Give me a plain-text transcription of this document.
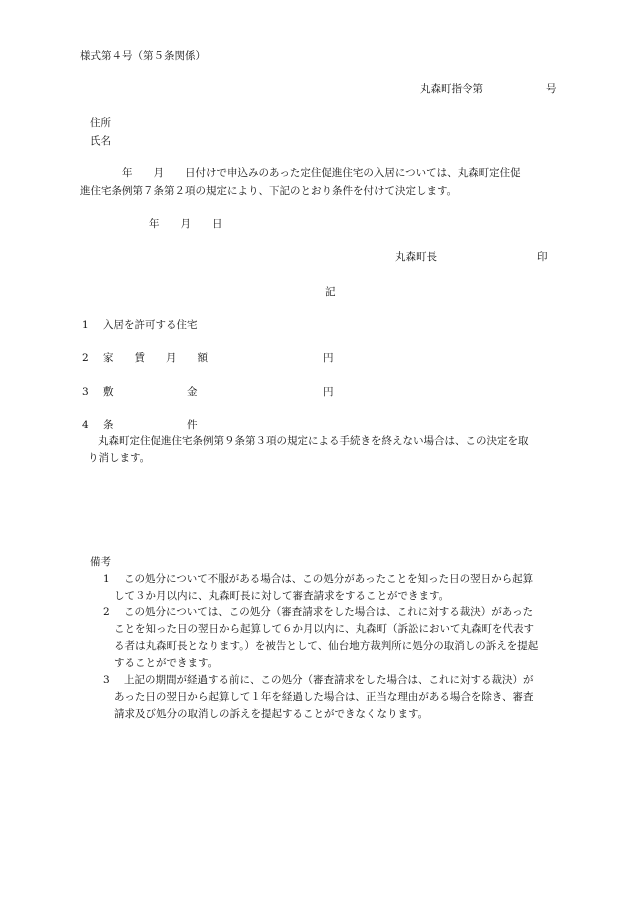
様式第４号（第５条関係）
丸森町指令第　　　　　　号
住所
氏名
　　　　年　　月　　日付けで申込みのあった定住促進住宅の入居については、丸森町定住促
進住宅条例第７条第２項の規定により、下記のとおり条件を付けて決定します。
年　　月　　日
丸森町長	印
記
1 入居を許可する住宅
2 家　　賃　　月　　額	円
3 敷　　　　　　　金	円
4 条　　　　　　　件
丸森町定住促進住宅条例第９条第３項の規定による手続きを終えない場合は、この決定を取
り消します。
備考
1 この処分について不服がある場合は、この処分があったことを知った日の翌日から起算
して３か月以内に、丸森町長に対して審査請求をすることができます。
2 この処分については、この処分（審査請求をした場合は、これに対する裁決）があった
ことを知った日の翌日から起算して６か月以内に、丸森町（訴訟において丸森町を代表す
る者は丸森町長となります。）を被告として、仙台地方裁判所に処分の取消しの訴えを提起
することができます。
3 上記の期間が経過する前に、この処分（審査請求をした場合は、これに対する裁決）が
あった日の翌日から起算して１年を経過した場合は、正当な理由がある場合を除き、審査
請求及び処分の取消しの訴えを提起することができなくなります。
